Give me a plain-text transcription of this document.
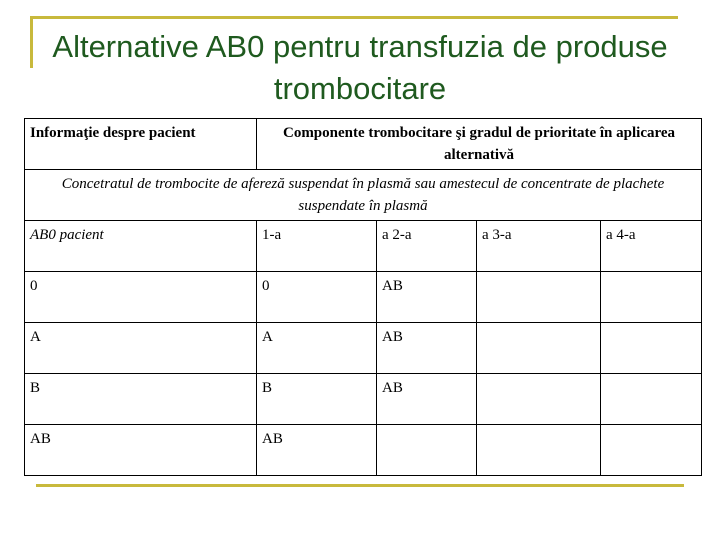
Alternative AB0 pentru transfuzia de produse trombocitare
Informaţie despre pacient	Componente trombocitare şi gradul de prioritate în aplicarea alternativă			
Concetratul de trombocite de afereză suspendat în plasmă sau amestecul de concentrate de plachete suspendate în plasmă				
AB0 pacient	1-a	a 2-a	a 3-a	a 4-a
0	0	AB		
A	A	AB		
B	B	AB		
AB	AB			
